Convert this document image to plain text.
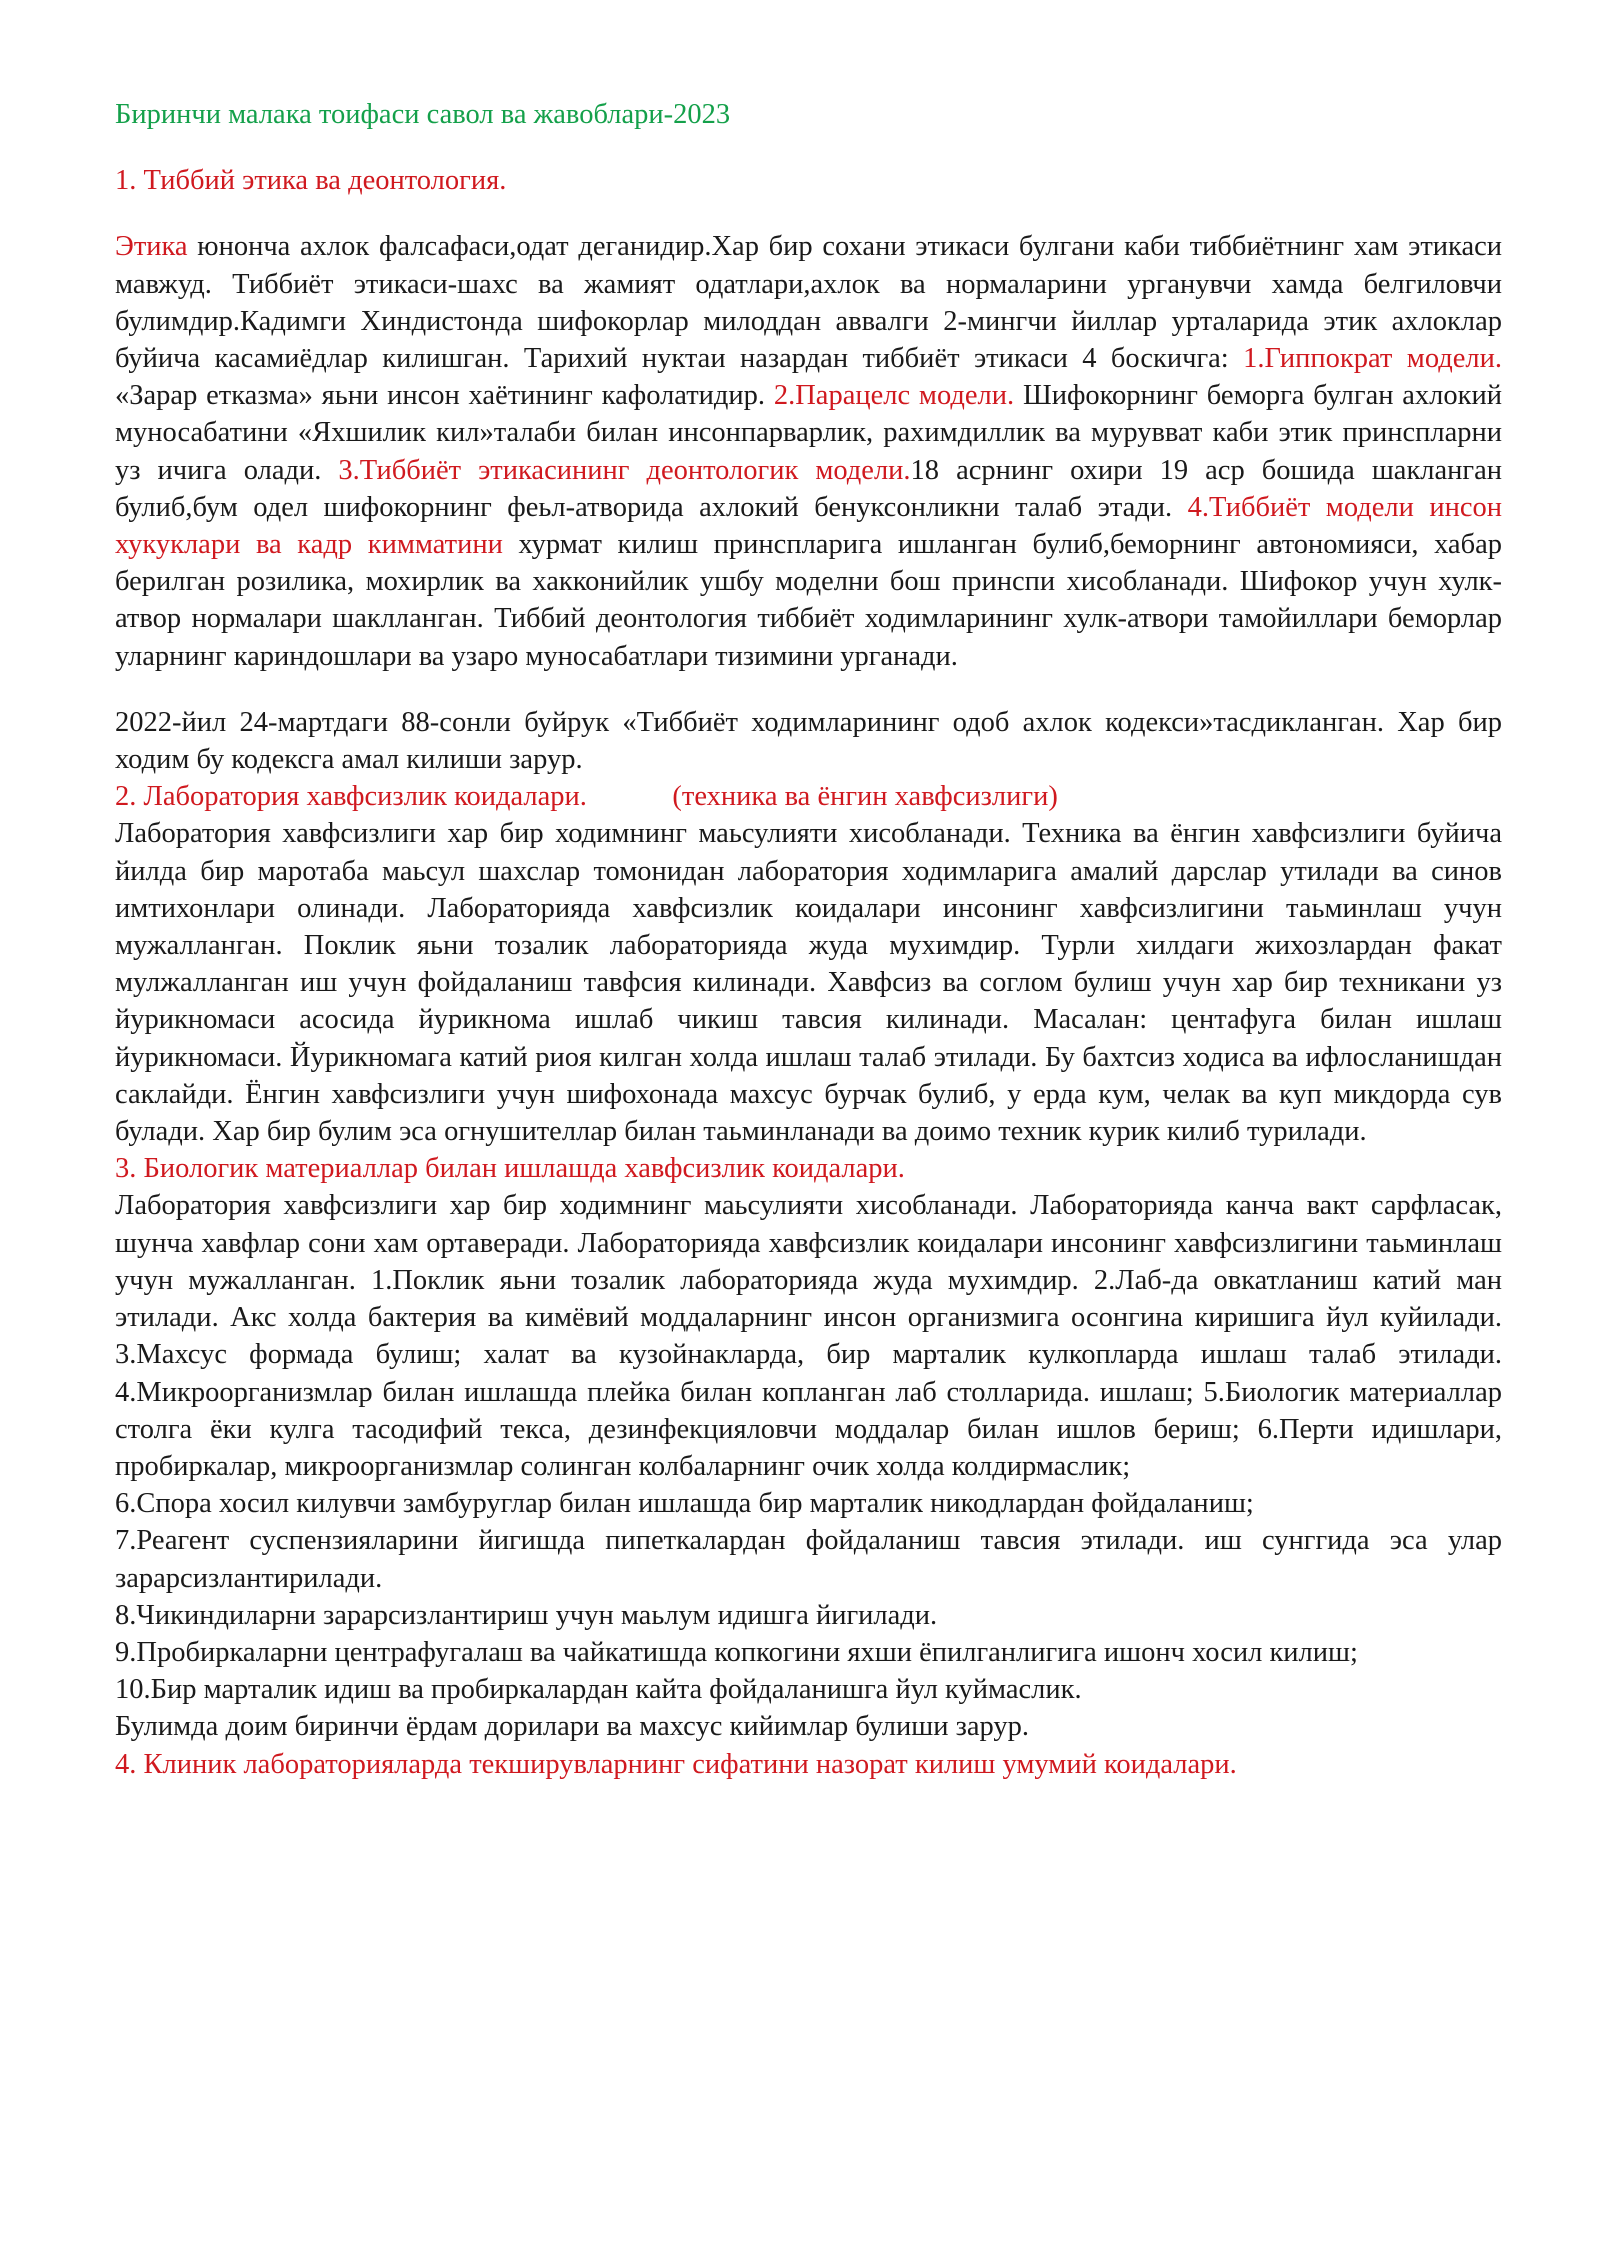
Биринчи малака тоифаси савол ва жавоблари-2023

1. Тиббий этика ва деонтология.

Этика юнонча ахлок фалсафаси,одат деганидир.Хар бир сохани этикаси булгани каби тиббиётнинг хам этикаси мавжуд. Тиббиёт этикаси-шахс ва жамият одатлари,ахлок ва нормаларини урганувчи хамда белгиловчи булимдир.Кадимги Хиндистонда шифокорлар милоддан аввалги 2-мингчи йиллар урталарида этик ахлоклар буйича касамиёдлар килишган. Тарихий нуктаи назардан тиббиёт этикаси 4 боскичга: 1.Гиппократ модели. «Зарар етказма» яьни инсон хаётининг кафолатидир. 2.Парацелс модели. Шифокорнинг беморга булган ахлокий муносабатини «Яхшилик кил»талаби билан инсонпарварлик, рахимдиллик ва мурувват каби этик принспларни уз ичига олади. 3.Тиббиёт этикасининг деонтологик модели.18 асрнинг охири 19 аср бошида шакланган булиб,бум одел шифокорнинг феьл-атворида ахлокий бенуксонликни талаб этади. 4.Тиббиёт модели инсон хукуклари ва кадр кимматини хурмат килиш принспларига ишланган булиб,беморнинг автономияси, хабар берилган розилика, мохирлик ва хакконийлик ушбу моделни бош принспи хисобланади. Шифокор учун хулк-атвор нормалари шаклланган. Тиббий деонтология тиббиёт ходимларининг хулк-атвори тамойиллари беморлар уларнинг кариндошлари ва узаро муносабатлари тизимини урганади.

2022-йил 24-мартдаги 88-сонли буйрук «Тиббиёт ходимларининг одоб ахлок кодекси»тасдикланган. Хар бир ходим бу кодексга амал килиши зарур.

2. Лаборатория хавфсизлик коидалари.            (техника ва ёнгин хавфсизлиги)

Лаборатория хавфсизлиги хар бир ходимнинг маьсулияти хисобланади. Техника ва ёнгин хавфсизлиги буйича йилда бир маротаба маьсул шахслар томонидан лаборатория ходимларига амалий дарслар утилади ва синов имтихонлари олинади. Лабораторияда хавфсизлик коидалари инсонинг хавфсизлигини таьминлаш учун мужалланган. Поклик яьни тозалик лабораторияда жуда мухимдир. Турли хилдаги жихозлардан факат мулжалланган иш учун фойдаланиш тавфсия килинади. Хавфсиз ва соглом булиш учун хар бир техникани уз йурикномаси асосида йурикнома ишлаб чикиш тавсия килинади. Масалан: центафуга билан ишлаш йурикномаси. Йурикномага катий риоя килган холда ишлаш талаб этилади. Бу бахтсиз ходиса ва ифлосланишдан саклайди. Ёнгин хавфсизлиги учун шифохонада махсус бурчак булиб, у ерда кум, челак ва куп микдорда сув булади. Хар бир булим эса огнушителлар билан таьминланади ва доимо техник курик килиб турилади.

3. Биологик материаллар билан ишлашда хавфсизлик коидалари.

Лаборатория хавфсизлиги хар бир ходимнинг маьсулияти хисобланади. Лабораторияда канча вакт сарфласак, шунча хавфлар сони хам ортаверади. Лабораторияда хавфсизлик коидалари инсонинг хавфсизлигини таьминлаш учун мужалланган. 1.Поклик яьни тозалик лабораторияда жуда мухимдир. 2.Лаб-да овкатланиш катий ман этилади. Акс холда бактерия ва кимёвий моддаларнинг инсон организмига осонгина киришига йул куйилади. 3.Махсус формада булиш; халат ва кузойнакларда, бир марталик кулкопларда ишлаш талаб этилади. 4.Микроорганизмлар билан ишлашда плейка билан копланган лаб столларида. ишлаш; 5.Биологик материаллар столга ёки кулга тасодифий тексa, дезинфекцияловчи моддалар билан ишлов бериш; 6.Перти идишлари, пробиркалар, микроорганизмлар солинган колбаларнинг очик холда колдирмаслик;

6.Спора хосил килувчи замбуруглар билан ишлашда бир марталик никодлардан фойдаланиш;

7.Реагент суспензияларини йигишда пипеткалардан фойдаланиш тавсия этилади. иш сунггида эса улар зарарсизлантирилади.

8.Чикиндиларни зарарсизлантириш учун маьлум идишга йигилади.

9.Пробиркаларни центрафугалаш ва чайкатишда копкогини яхши ёпилганлигига ишонч хосил килиш;

10.Бир марталик идиш ва пробиркалардан кайта фойдаланишга йул куймаслик.

Булимда доим биринчи ёрдам дорилари ва махсус кийимлар булиши зарур.

4. Клиник лабораторияларда текширувларнинг сифатини назорат килиш умумий коидалари.
